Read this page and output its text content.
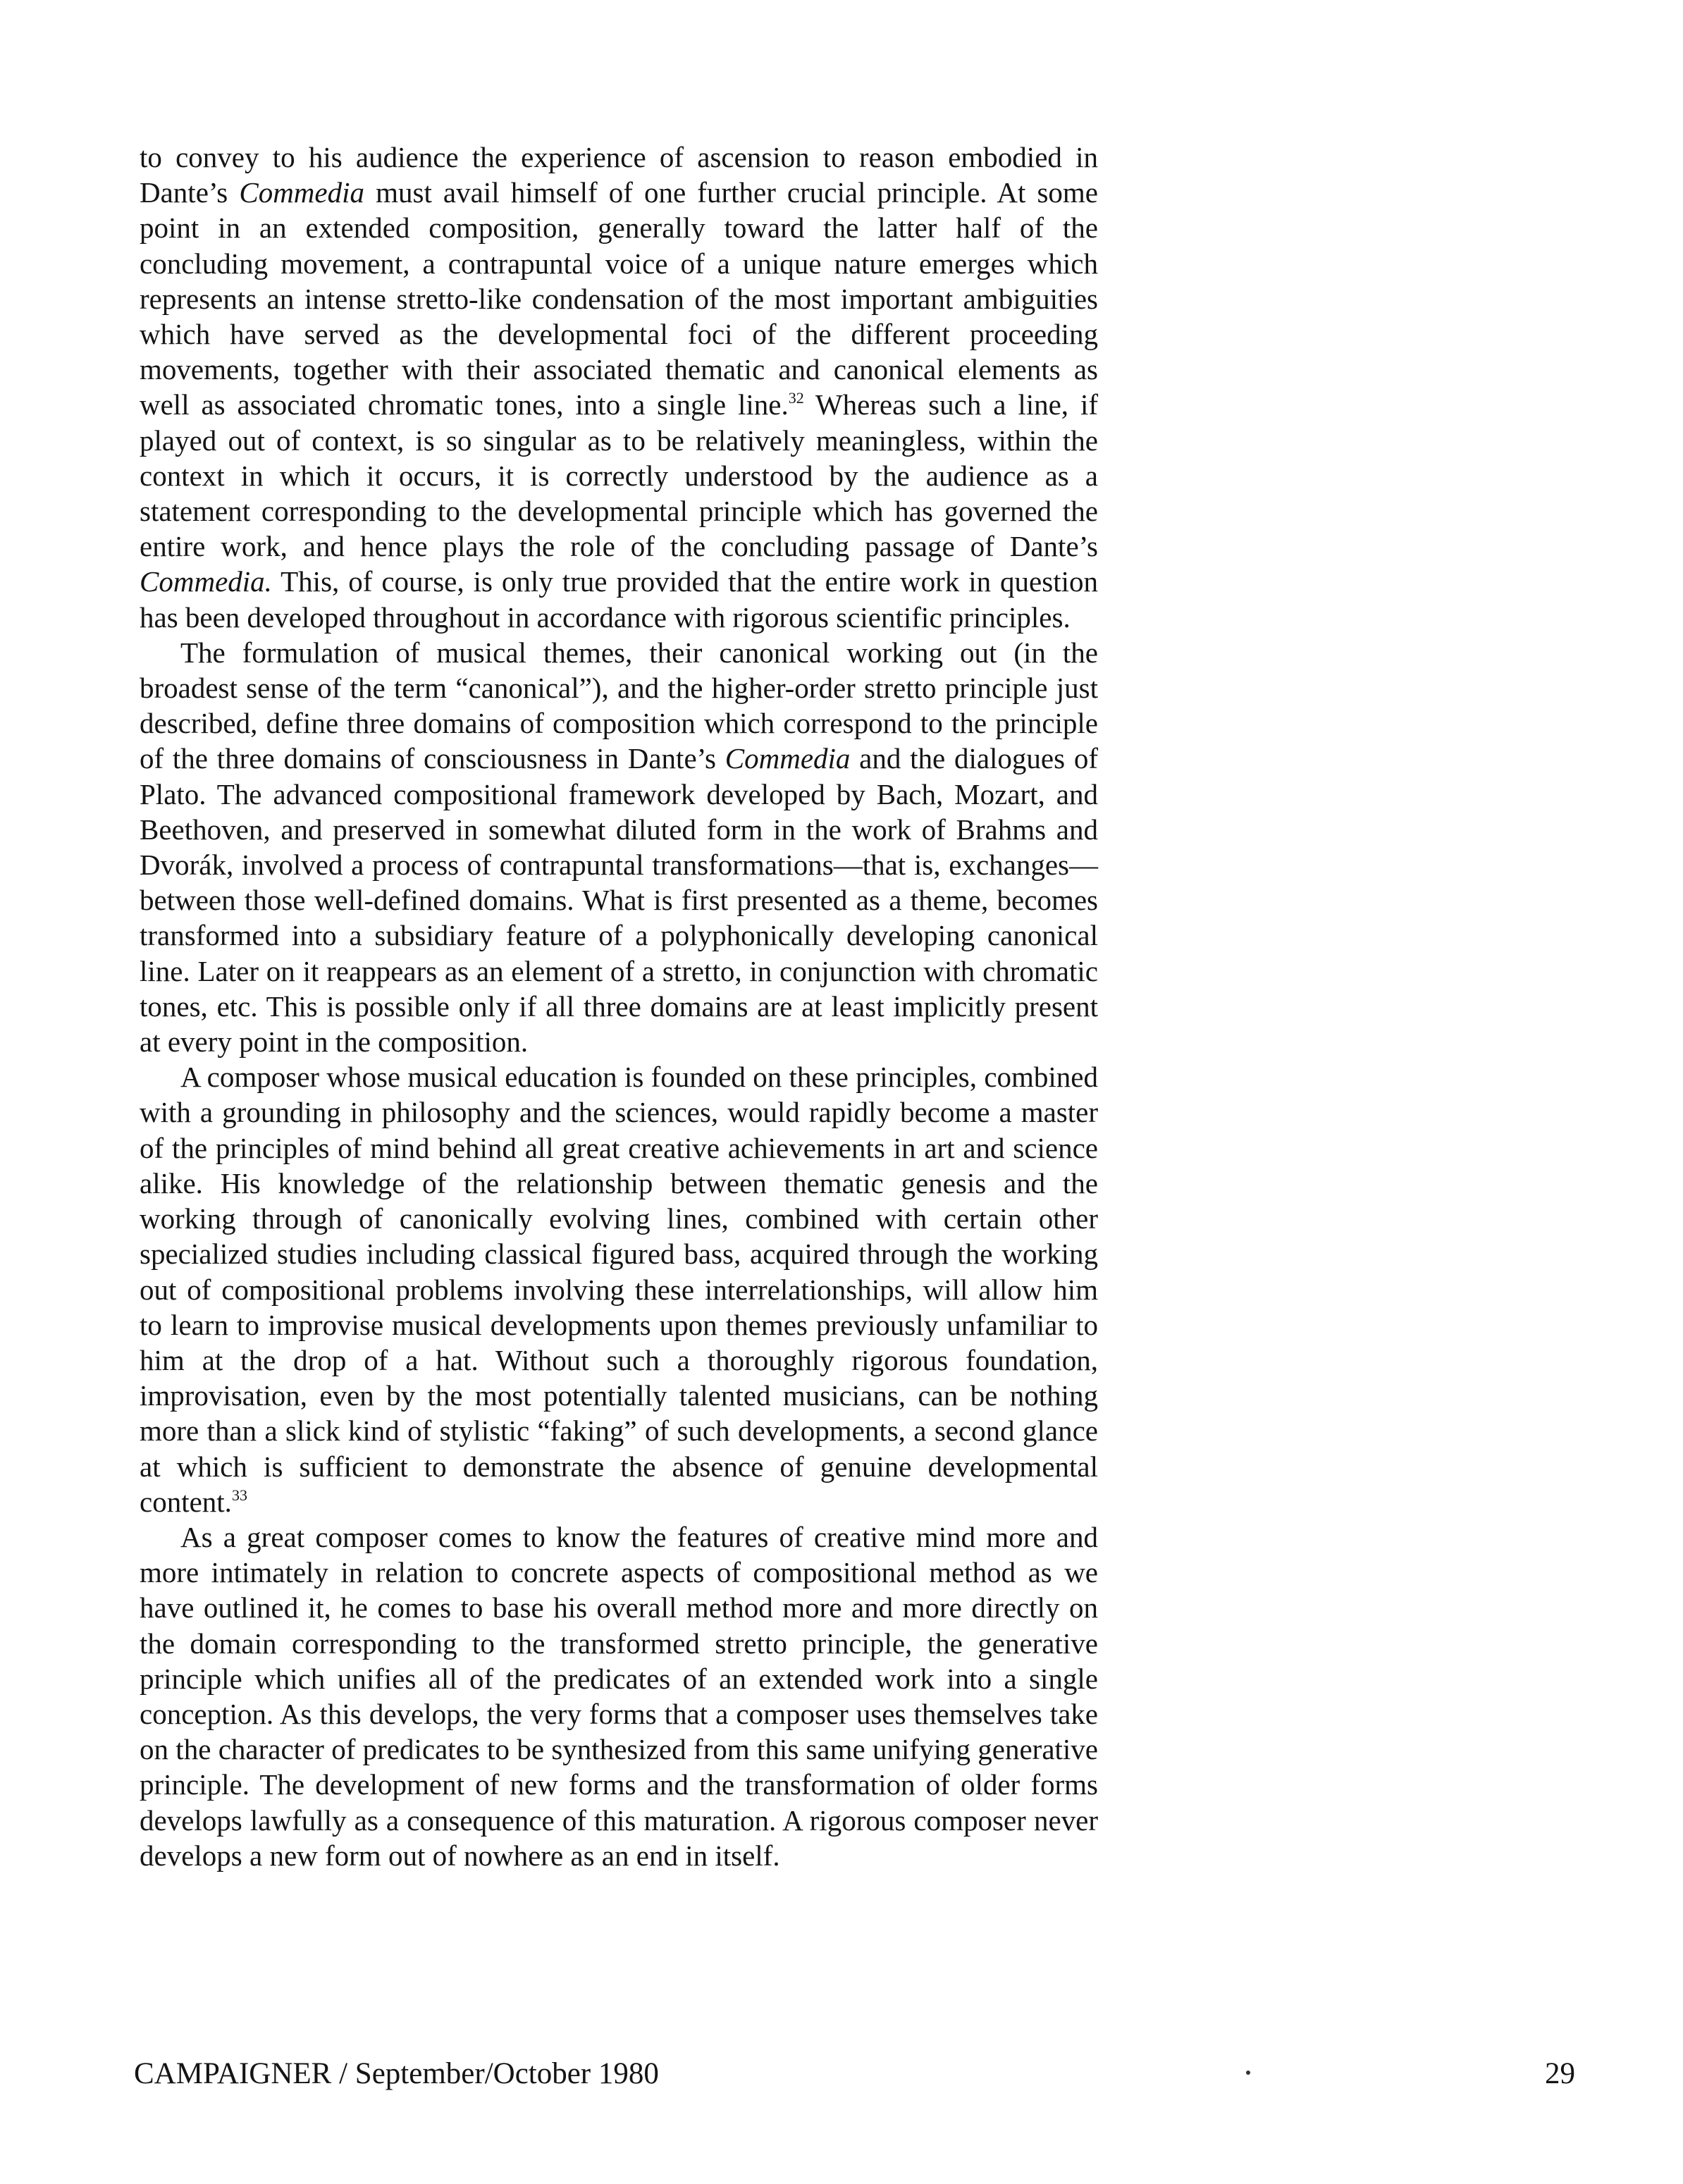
to convey to his audience the experience of ascension to reason embodied in Dante’s Commedia must avail himself of one further crucial principle. At some point in an extended composition, generally toward the latter half of the concluding movement, a contrapuntal voice of a unique nature emerges which represents an intense stretto-like condensation of the most important ambiguities which have served as the developmental foci of the different proceeding movements, together with their associated thematic and canonical elements as well as associated chromatic tones, into a single line.$^{32}$ Whereas such a line, if played out of context, is so singular as to be relatively meaningless, within the context in which it occurs, it is correctly understood by the audience as a statement corresponding to the developmental principle which has governed the entire work, and hence plays the role of the concluding passage of Dante’s Commedia. This, of course, is only true provided that the entire work in question has been developed throughout in accordance with rigorous scientific principles.

The formulation of musical themes, their canonical working out (in the broadest sense of the term “canonical”), and the higher-order stretto principle just described, define three domains of composition which correspond to the principle of the three domains of consciousness in Dante’s Commedia and the dialogues of Plato. The advanced compositional framework developed by Bach, Mozart, and Beethoven, and preserved in somewhat diluted form in the work of Brahms and Dvorák, involved a process of contrapuntal transformations—that is, exchanges—between those well-defined domains. What is first presented as a theme, becomes transformed into a subsidiary feature of a polyphonically developing canonical line. Later on it reappears as an element of a stretto, in conjunction with chromatic tones, etc. This is possible only if all three domains are at least implicitly present at every point in the composition.

A composer whose musical education is founded on these principles, combined with a grounding in philosophy and the sciences, would rapidly become a master of the principles of mind behind all great creative achievements in art and science alike. His knowledge of the relationship between thematic genesis and the working through of canonically evolving lines, combined with certain other specialized studies including classical figured bass, acquired through the working out of compositional problems involving these interrelationships, will allow him to learn to improvise musical developments upon themes previously unfamiliar to him at the drop of a hat. Without such a thoroughly rigorous foundation, improvisation, even by the most potentially talented musicians, can be nothing more than a slick kind of stylistic “faking” of such developments, a second glance at which is sufficient to demonstrate the absence of genuine developmental content.$^{33}$

As a great composer comes to know the features of creative mind more and more intimately in relation to concrete aspects of compositional method as we have outlined it, he comes to base his overall method more and more directly on the domain corresponding to the transformed stretto principle, the generative principle which unifies all of the predicates of an extended work into a single conception. As this develops, the very forms that a composer uses themselves take on the character of predicates to be synthesized from this same unifying generative principle. The development of new forms and the transformation of older forms develops lawfully as a consequence of this maturation. A rigorous composer never develops a new form out of nowhere as an end in itself.

CAMPAIGNER / September/October 1980	29
